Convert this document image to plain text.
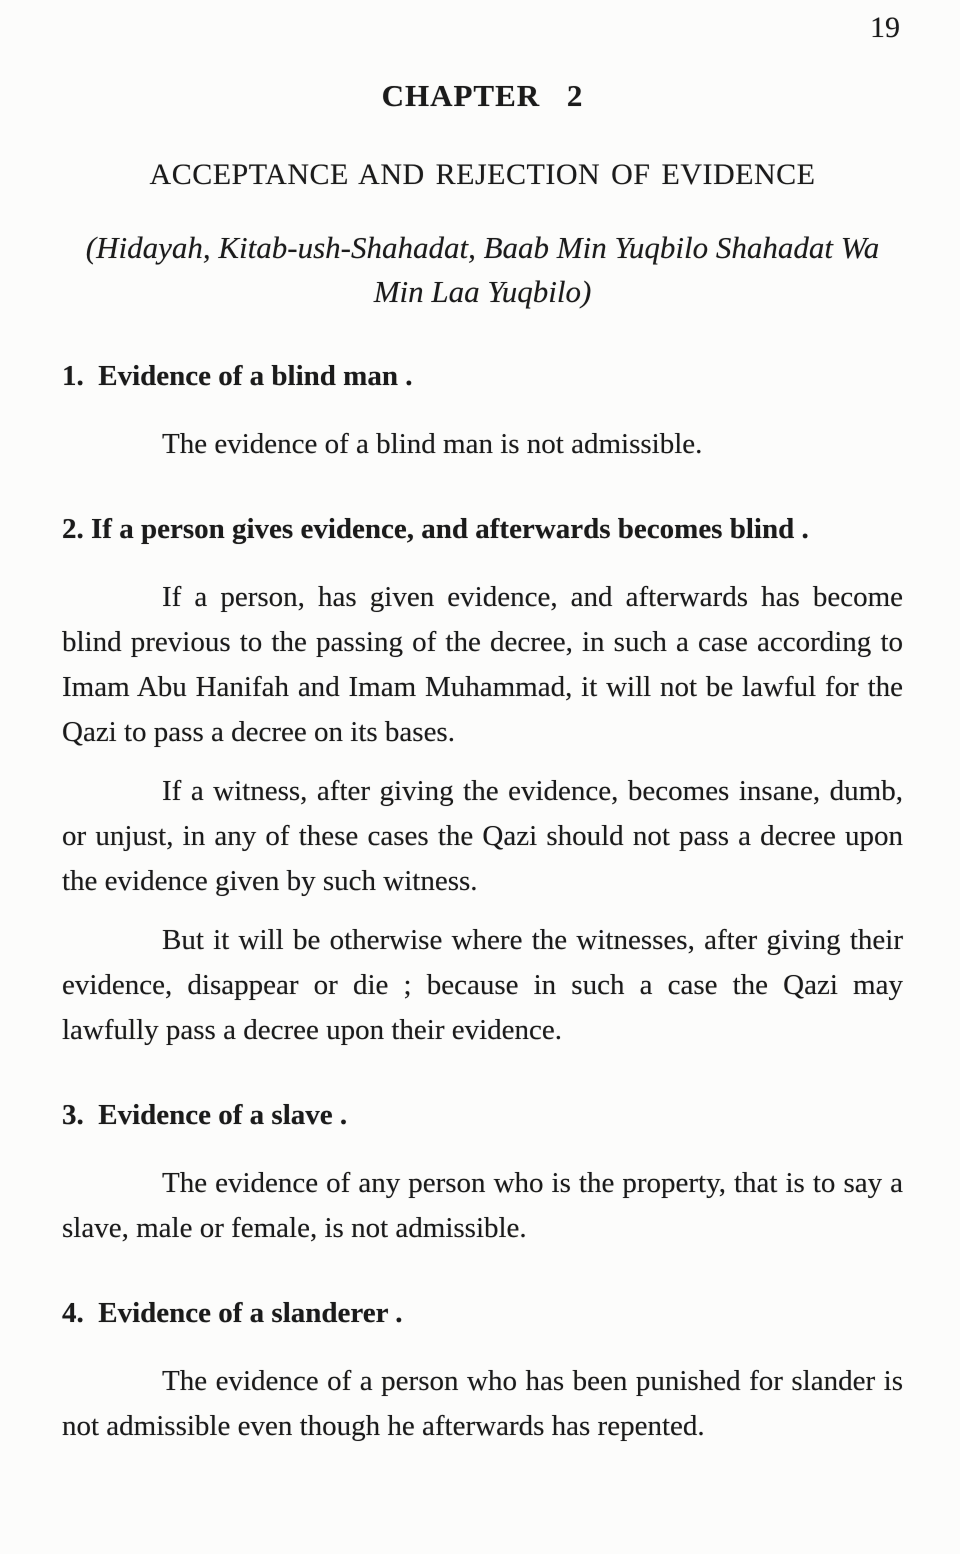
19
CHAPTER 2
ACCEPTANCE AND REJECTION OF EVIDENCE
(Hidayah, Kitab-ush-Shahadat, Baab Min Yuqbilo Shahadat Wa
Min Laa Yuqbilo)
1.  Evidence of a blind man .

The evidence of a blind man is not admissible.

2. If a person gives evidence, and afterwards becomes blind .

If a person, has given evidence, and afterwards has become blind previous to the passing of the decree, in such a case according to Imam Abu Hanifah and Imam Muhammad, it will not be lawful for the Qazi to pass a decree on its bases.

If a witness, after giving the evidence, becomes insane, dumb, or unjust, in any of these cases the Qazi should not pass a decree upon the evidence given by such witness.

But it will be otherwise where the witnesses, after giving their evidence, disappear or die ; because in such a case the Qazi may lawfully pass a decree upon their evidence.

3.  Evidence of a slave .

The evidence of any person who is the property, that is to say a slave, male or female, is not admissible.

4.  Evidence of a slanderer .

The evidence of a person who has been punished for slander is not admissible even though he afterwards has repented.
